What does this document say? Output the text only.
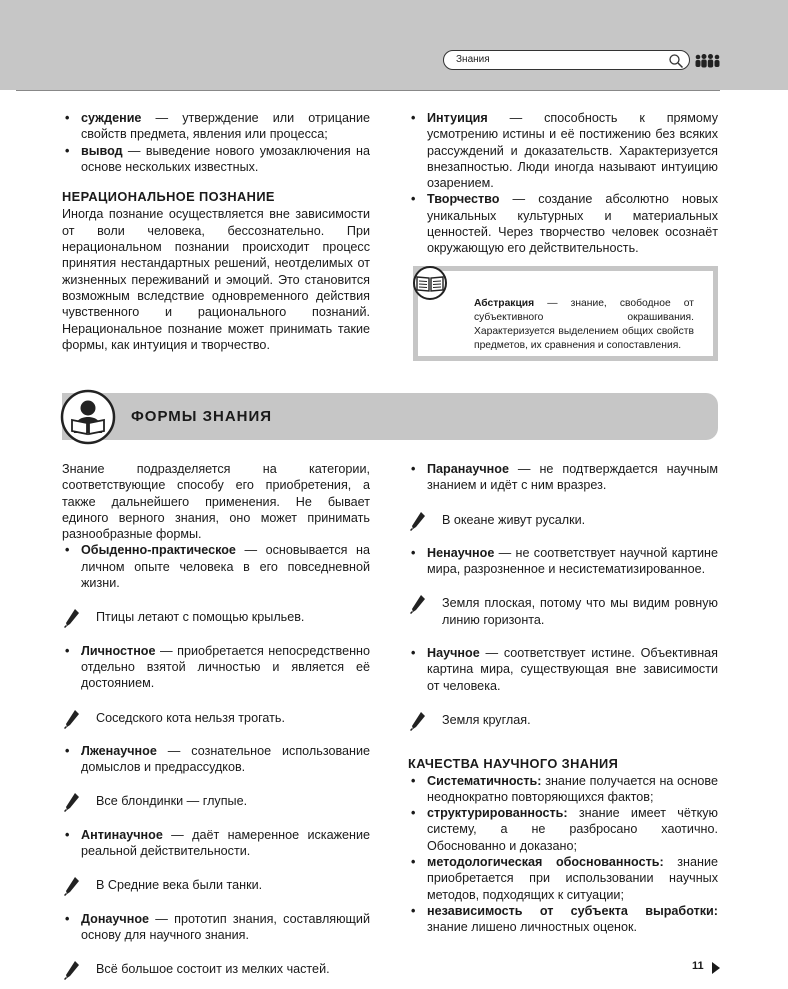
Знания

• суждение — утверждение или отрицание свойств предмета, явления или процесса;

• вывод — выведение нового умозаключения на основе нескольких известных.

НЕРАЦИОНАЛЬНОЕ ПОЗНАНИЕ

Иногда познание осуществляется вне зависимости от воли человека, бессознательно. При нерациональном познании происходит процесс принятия нестандартных решений, неотделимых от жизненных переживаний и эмоций. Это становится возможным вследствие одновременного действия чувственного и рационального познаний. Нерациональное познание может принимать такие формы, как интуиция и творчество.

• Интуиция — способность к прямому усмотрению истины и её постижению без всяких рассуждений и доказательств. Характеризуется внезапностью. Люди иногда называют интуицию озарением.

• Творчество — создание абсолютно новых уникальных культурных и материальных ценностей. Через творчество человек осознаёт окружающую его действительность.

Абстракция — знание, свободное от субъективного окрашивания. Характеризуется выделением общих свойств предметов, их сравнения и сопоставления.

ФОРМЫ ЗНАНИЯ

Знание подразделяется на категории, соответствующие способу его приобретения, а также дальнейшего применения. Не бывает единого верного знания, оно может принимать разнообразные формы.

• Обыденно-практическое — основывается на личном опыте человека в его повседневной жизни.

Птицы летают с помощью крыльев.

• Личностное — приобретается непосредственно отдельно взятой личностью и является её достоянием.

Соседского кота нельзя трогать.

• Лженаучное — сознательное использование домыслов и предрассудков.

Все блондинки — глупые.

• Антинаучное — даёт намеренное искажение реальной действительности.

В Средние века были танки.

• Донаучное — прототип знания, составляющий основу для научного знания.

Всё большое состоит из мелких частей.

• Паранаучное — не подтверждается научным знанием и идёт с ним вразрез.

В океане живут русалки.

• Ненаучное — не соответствует научной картине мира, разрозненное и несистематизированное.

Земля плоская, потому что мы видим ровную линию горизонта.

• Научное — соответствует истине. Объективная картина мира, существующая вне зависимости от человека.

Земля круглая.

КАЧЕСТВА НАУЧНОГО ЗНАНИЯ

• Систематичность: знание получается на основе неоднократно повторяющихся фактов;

• структурированность: знание имеет чёткую систему, а не разбросано хаотично. Обоснованно и доказано;

• методологическая обоснованность: знание приобретается при использовании научных методов, подходящих к ситуации;

• независимость от субъекта выработки: знание лишено личностных оценок.

11
